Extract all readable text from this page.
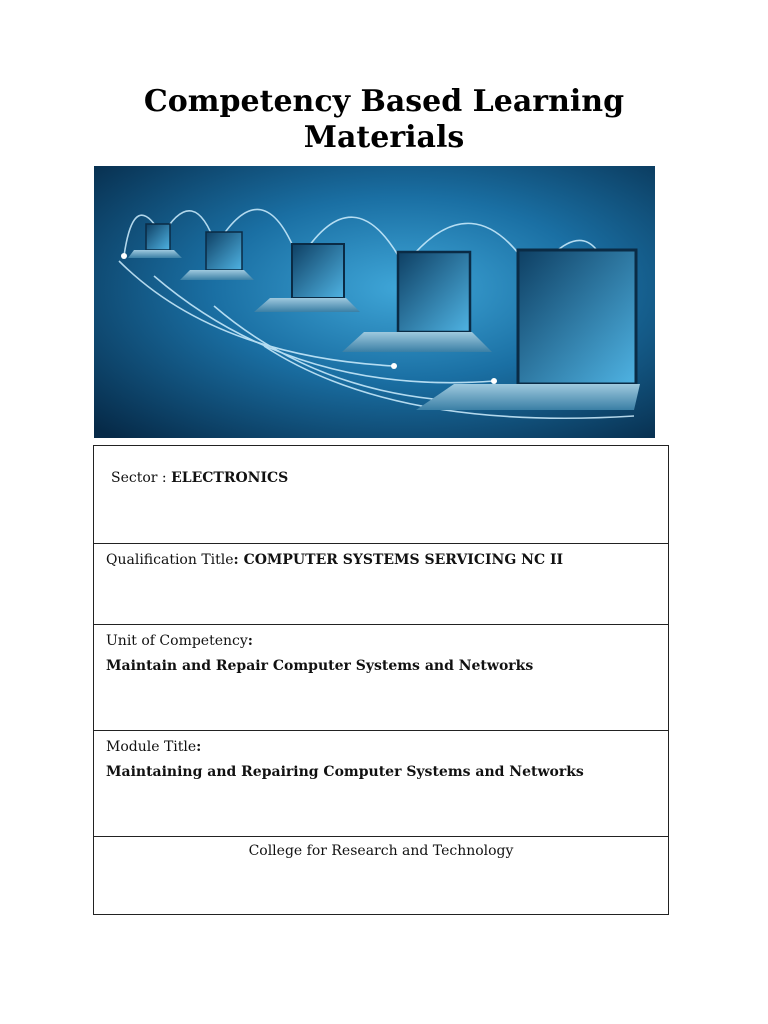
Competency Based Learning
Materials
Sector : ELECTRONICS
Qualification Title: COMPUTER SYSTEMS SERVICING NC II
Unit of Competency:
Maintain and Repair Computer Systems and Networks

Module Title:
Maintaining and Repairing Computer Systems and Networks

College for Research and Technology
